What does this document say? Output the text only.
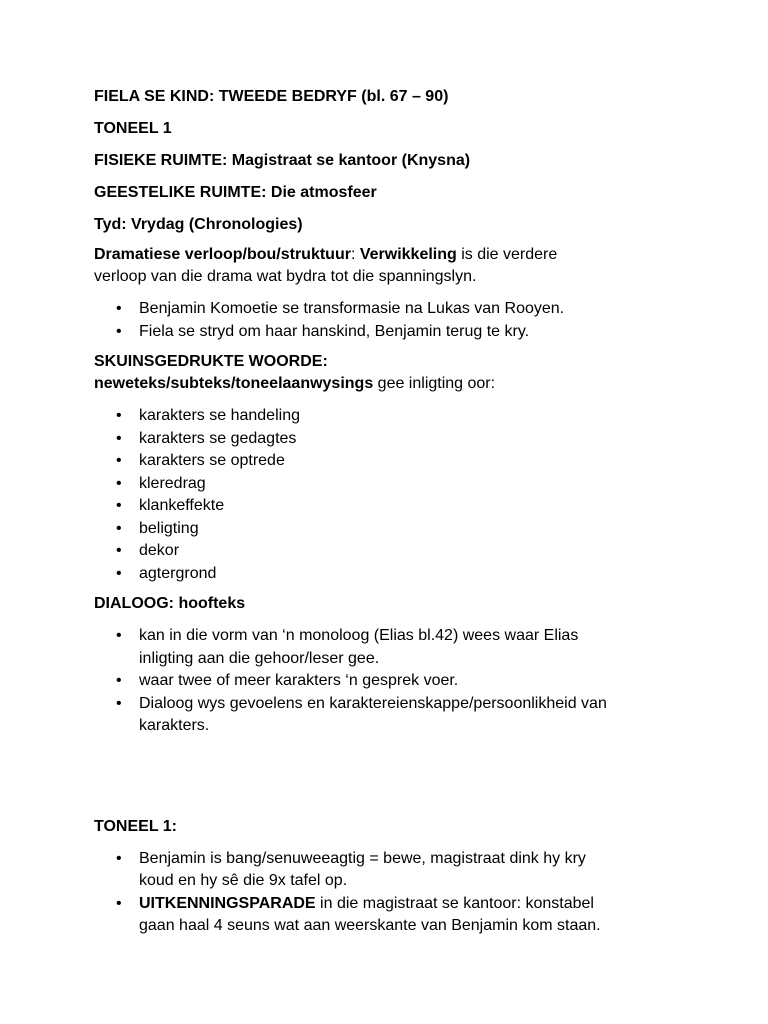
FIELA SE KIND: TWEEDE BEDRYF (bl. 67 – 90)

TONEEL 1

FISIEKE RUIMTE: Magistraat se kantoor (Knysna)

GEESTELIKE RUIMTE: Die atmosfeer

Tyd: Vrydag (Chronologies)

Dramatiese verloop/bou/struktuur: Verwikkeling is die verdere
verloop van die drama wat bydra tot die spanningslyn.

• Benjamin Komoetie se transformasie na Lukas van Rooyen.
• Fiela se stryd om haar hanskind, Benjamin terug te kry.

SKUINSGEDRUKTE WOORDE:
neweteks/subteks/toneelaanwysings gee inligting oor:

• karakters se handeling
• karakters se gedagtes
• karakters se optrede
• kleredrag
• klankeffekte
• beligting
• dekor
• agtergrond

DIALOOG: hoofteks

• kan in die vorm van ‘n monoloog (Elias bl.42) wees waar Elias
inligting aan die gehoor/leser gee.
• waar twee of meer karakters ‘n gesprek voer.
• Dialoog wys gevoelens en karaktereienskappe/persoonlikheid van
karakters.

TONEEL 1:

• Benjamin is bang/senuweeagtig = bewe, magistraat dink hy kry
koud en hy sê die 9x tafel op.
• UITKENNINGSPARADE in die magistraat se kantoor: konstabel
gaan haal 4 seuns wat aan weerskante van Benjamin kom staan.
